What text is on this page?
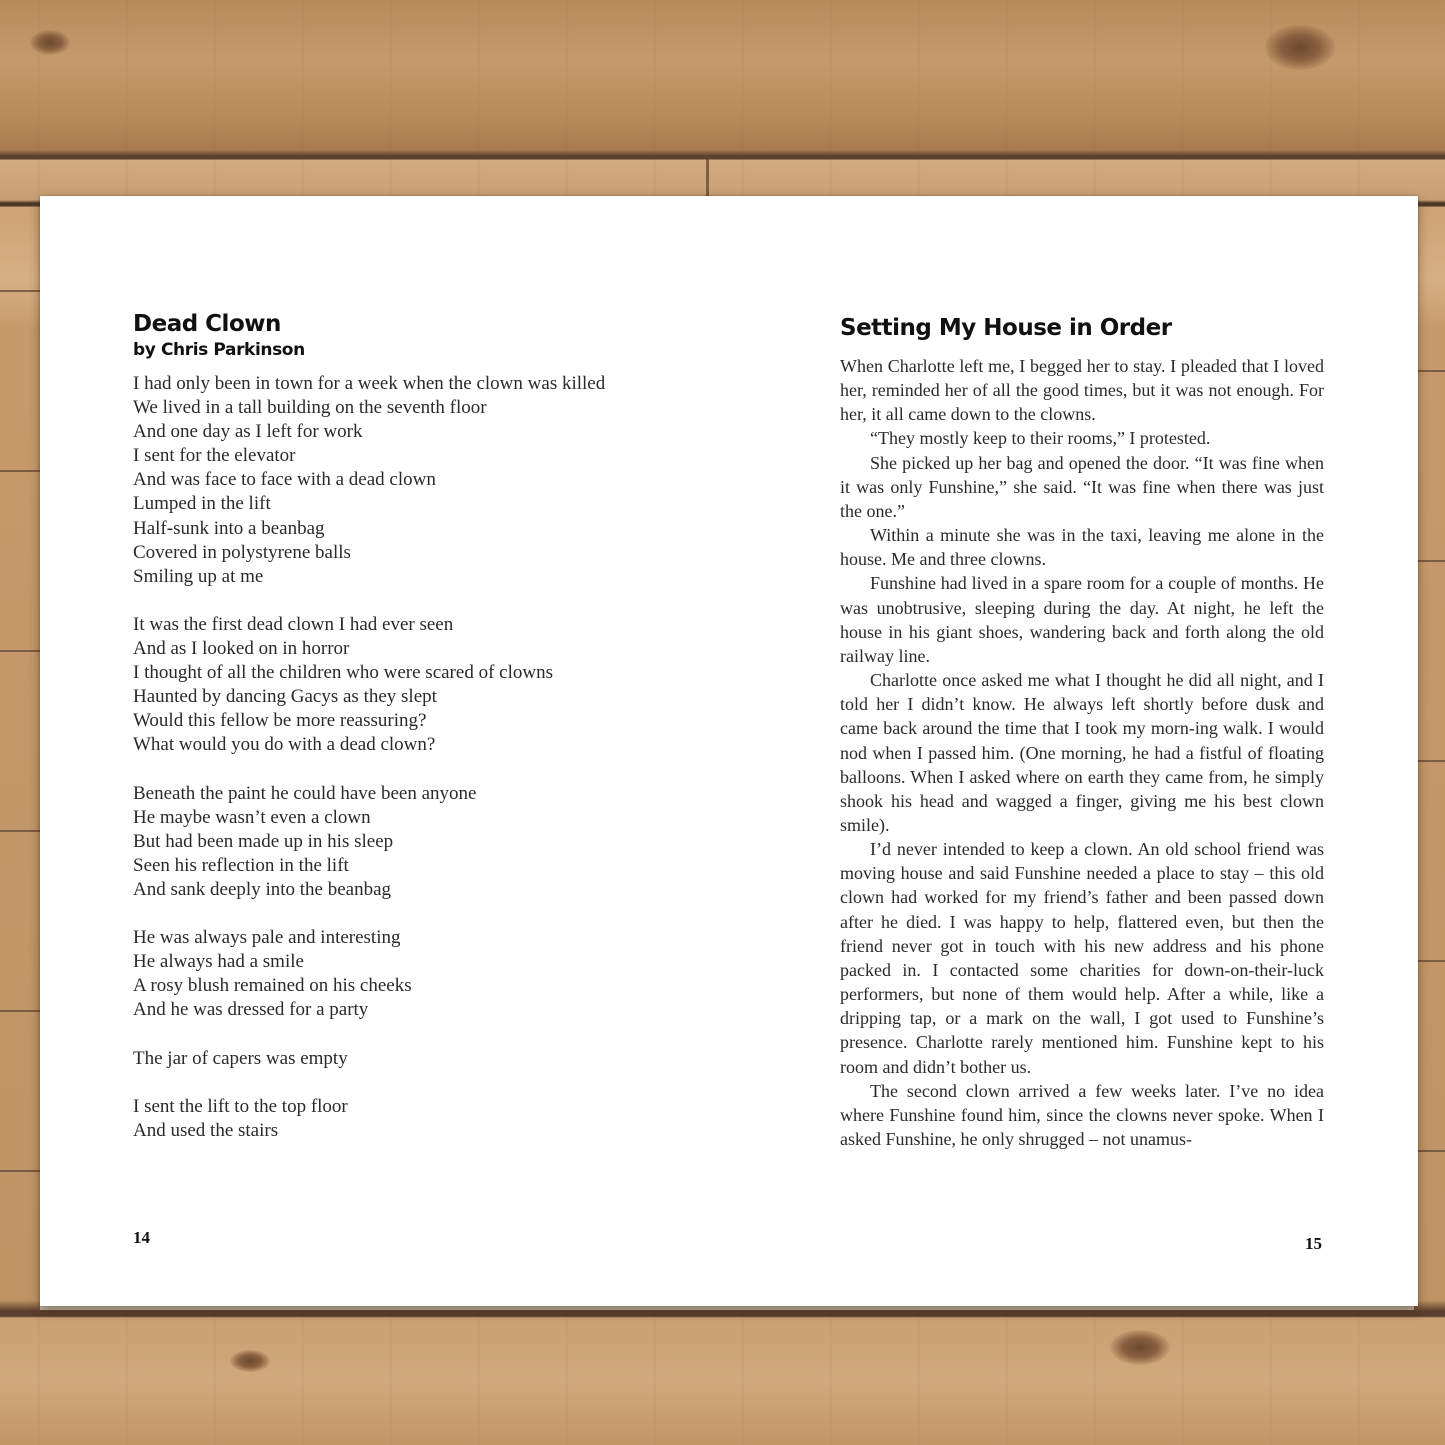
Dead Clown
by Chris Parkinson
I had only been in town for a week when the clown was killed
We lived in a tall building on the seventh floor
And one day as I left for work
I sent for the elevator
And was face to face with a dead clown
Lumped in the lift
Half-sunk into a beanbag
Covered in polystyrene balls
Smiling up at me
It was the first dead clown I had ever seen
And as I looked on in horror
I thought of all the children who were scared of clowns
Haunted by dancing Gacys as they slept
Would this fellow be more reassuring?
What would you do with a dead clown?
Beneath the paint he could have been anyone
He maybe wasn’t even a clown
But had been made up in his sleep
Seen his reflection in the lift
And sank deeply into the beanbag
He was always pale and interesting
He always had a smile
A rosy blush remained on his cheeks
And he was dressed for a party
The jar of capers was empty
I sent the lift to the top floor
And used the stairs
14
Setting My House in Order

When Charlotte left me, I begged her to stay. I pleaded that I loved her, reminded her of all the good times, but it was not enough. For her, it all came down to the clowns.

“They mostly keep to their rooms,” I protested.

She picked up her bag and opened the door. “It was fine when it was only Funshine,” she said. “It was fine when there was just the one.”

Within a minute she was in the taxi, leaving me alone in the house. Me and three clowns.

Funshine had lived in a spare room for a couple of months. He was unobtrusive, sleeping during the day. At night, he left the house in his giant shoes, wandering back and forth along the old railway line.

Charlotte once asked me what I thought he did all night, and I told her I didn’t know. He always left shortly before dusk and came back around the time that I took my morn-ing walk. I would nod when I passed him. (One morning, he had a fistful of floating balloons. When I asked where on earth they came from, he simply shook his head and wagged a finger, giving me his best clown smile).

I’d never intended to keep a clown. An old school friend was moving house and said Funshine needed a place to stay – this old clown had worked for my friend’s father and been passed down after he died. I was happy to help, flattered even, but then the friend never got in touch with his new address and his phone packed in. I contacted some charities for down-on-their-luck performers, but none of them would help. After a while, like a dripping tap, or a mark on the wall, I got used to Funshine’s presence. Charlotte rarely mentioned him. Funshine kept to his room and didn’t bother us.

The second clown arrived a few weeks later. I’ve no idea where Funshine found him, since the clowns never spoke. When I asked Funshine, he only shrugged – not unamus-

15
